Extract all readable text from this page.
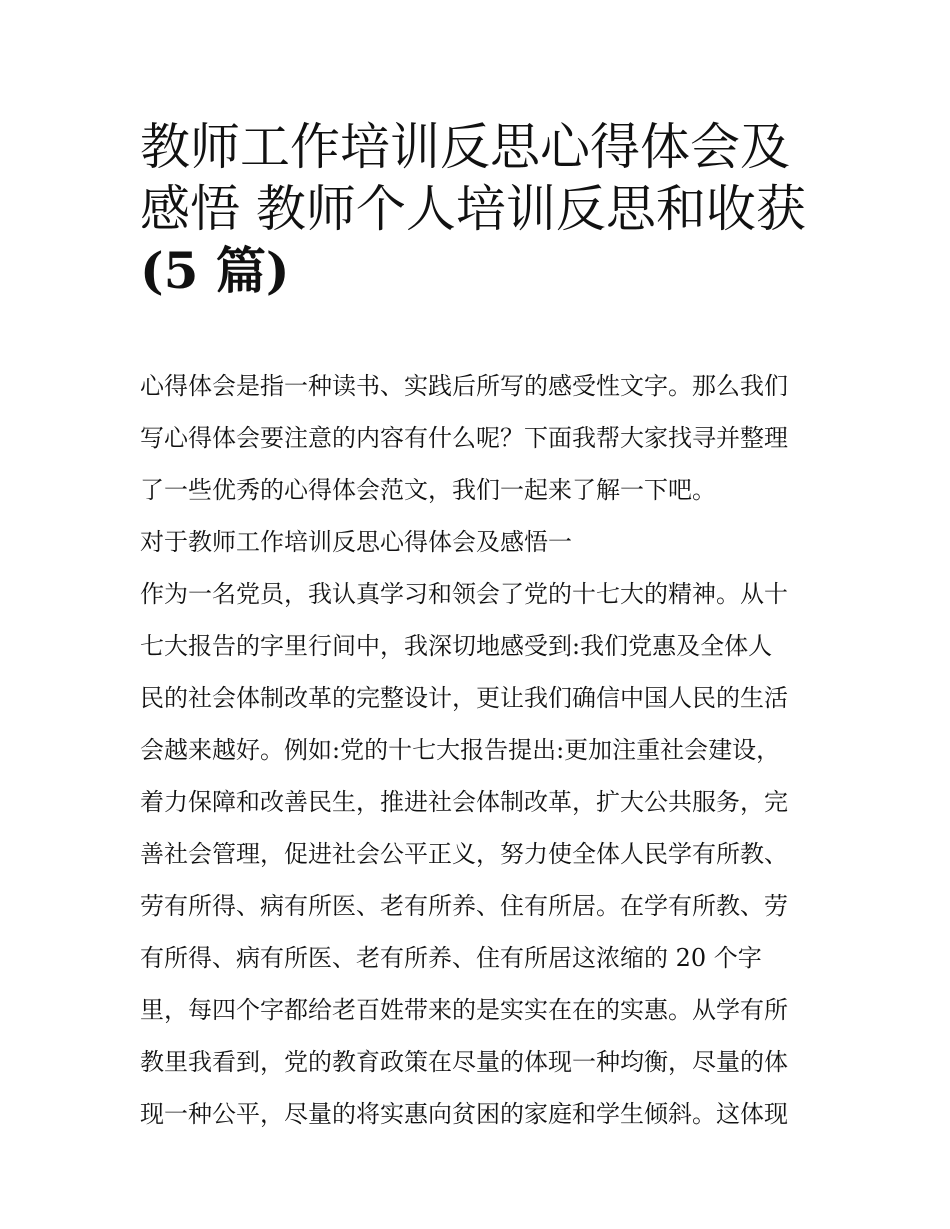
教师工作培训反思心得体会及
感悟 教师个人培训反思和收获
(5 篇)
心得体会是指一种读书、实践后所写的感受性文字。那么我们
写心得体会要注意的内容有什么呢？下面我帮大家找寻并整理
了一些优秀的心得体会范文，我们一起来了解一下吧。
对于教师工作培训反思心得体会及感悟一
作为一名党员，我认真学习和领会了党的十七大的精神。从十
七大报告的字里行间中，我深切地感受到:我们党惠及全体人
民的社会体制改革的完整设计，更让我们确信中国人民的生活
会越来越好。例如:党的十七大报告提出:更加注重社会建设，
着力保障和改善民生，推进社会体制改革，扩大公共服务，完
善社会管理，促进社会公平正义，努力使全体人民学有所教、
劳有所得、病有所医、老有所养、住有所居。在学有所教、劳
有所得、病有所医、老有所养、住有所居这浓缩的 20 个字
里，每四个字都给老百姓带来的是实实在在的实惠。从学有所
教里我看到，党的教育政策在尽量的体现一种均衡，尽量的体
现一种公平，尽量的将实惠向贫困的家庭和学生倾斜。这体现
